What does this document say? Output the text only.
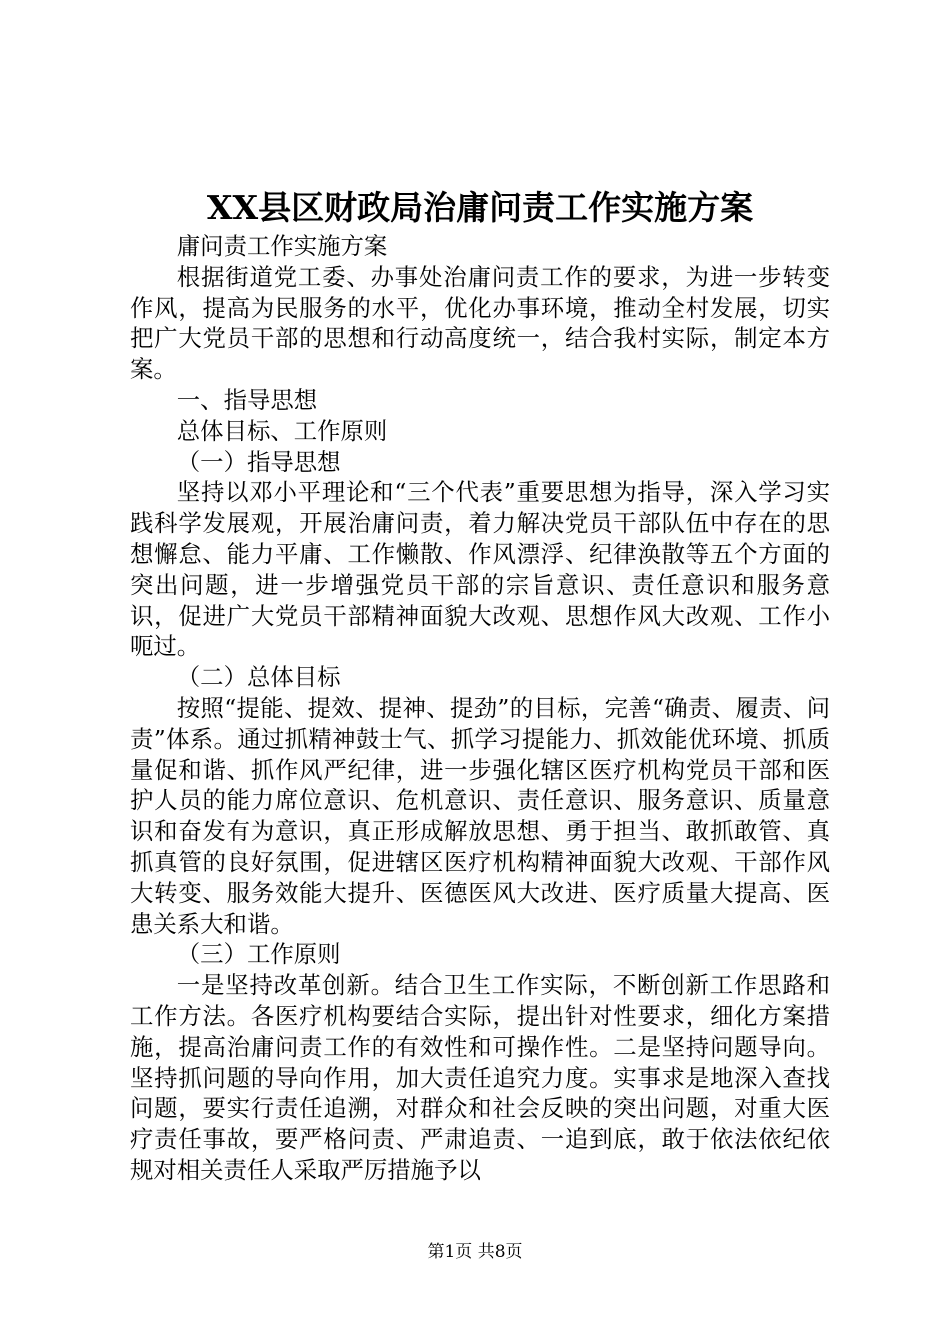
XX县区财政局治庸问责工作实施方案

庸问责工作实施方案

根据街道党工委、办事处治庸问责工作的要求，为进一步转变作风，提高为民服务的水平，优化办事环境，推动全村发展，切实把广大党员干部的思想和行动高度统一，结合我村实际，制定本方案。

一、指导思想

总体目标、工作原则

（一）指导思想

坚持以邓小平理论和“三个代表”重要思想为指导，深入学习实践科学发展观，开展治庸问责，着力解决党员干部队伍中存在的思想懈怠、能力平庸、工作懒散、作风漂浮、纪律涣散等五个方面的突出问题，进一步增强党员干部的宗旨意识、责任意识和服务意识，促进广大党员干部精神面貌大改观、思想作风大改观、工作小呃过。

（二）总体目标

按照“提能、提效、提神、提劲”的目标，完善“确责、履责、问责”体系。通过抓精神鼓士气、抓学习提能力、抓效能优环境、抓质量促和谐、抓作风严纪律，进一步强化辖区医疗机构党员干部和医护人员的能力席位意识、危机意识、责任意识、服务意识、质量意识和奋发有为意识，真正形成解放思想、勇于担当、敢抓敢管、真抓真管的良好氛围，促进辖区医疗机构精神面貌大改观、干部作风大转变、服务效能大提升、医德医风大改进、医疗质量大提高、医患关系大和谐。

（三）工作原则

一是坚持改革创新。结合卫生工作实际，不断创新工作思路和工作方法。各医疗机构要结合实际，提出针对性要求，细化方案措施，提高治庸问责工作的有效性和可操作性。二是坚持问题导向。坚持抓问题的导向作用，加大责任追究力度。实事求是地深入查找问题，要实行责任追溯，对群众和社会反映的突出问题，对重大医疗责任事故，要严格问责、严肃追责、一追到底，敢于依法依纪依规对相关责任人采取严厉措施予以

第1页 共8页
